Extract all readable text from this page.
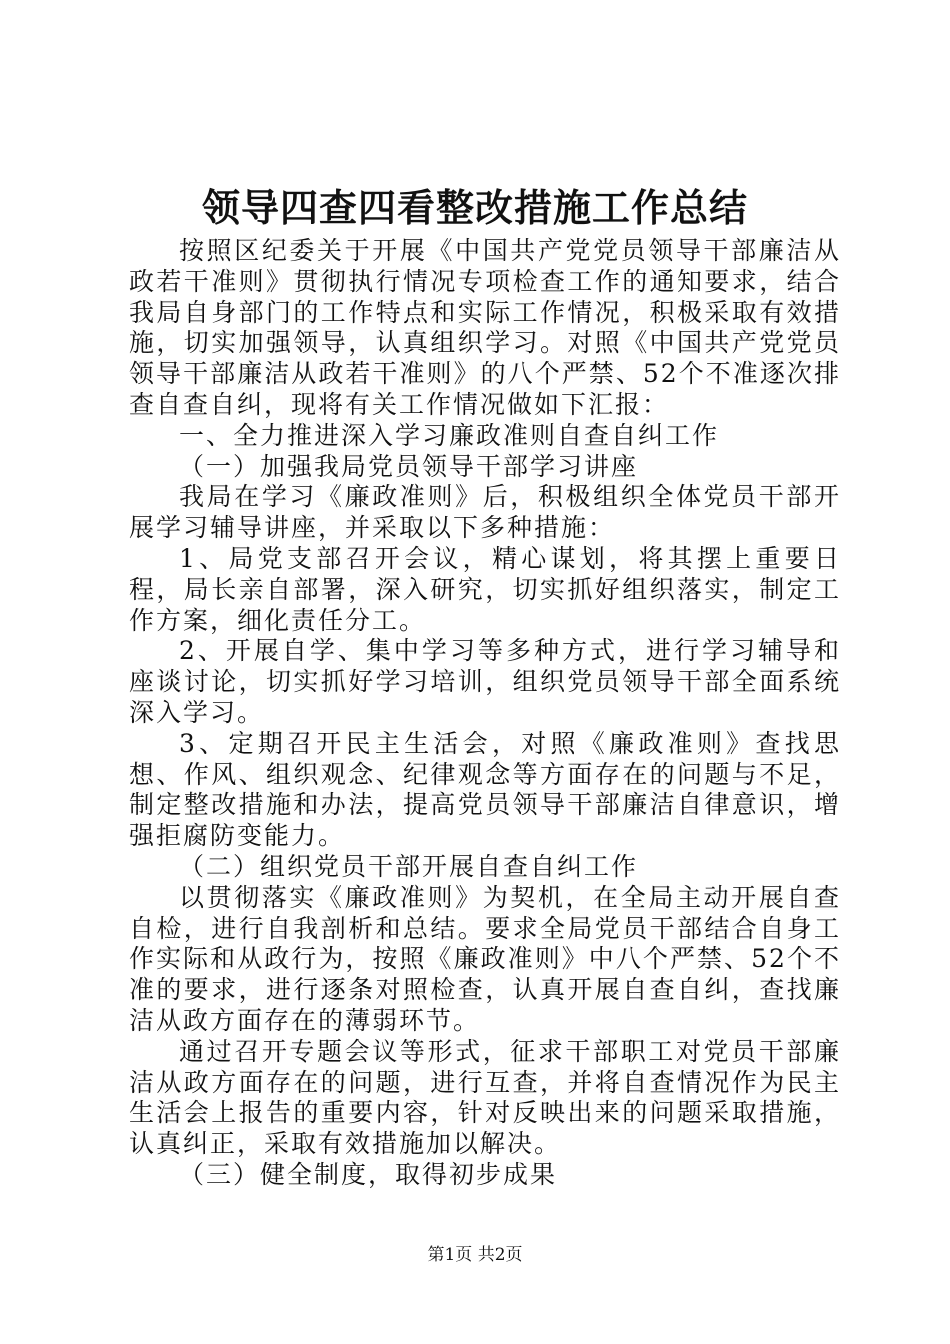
领导四查四看整改措施工作总结

按照区纪委关于开展《中国共产党党员领导干部廉洁从政若干准则》贯彻执行情况专项检查工作的通知要求，结合我局自身部门的工作特点和实际工作情况，积极采取有效措施，切实加强领导，认真组织学习。对照《中国共产党党员领导干部廉洁从政若干准则》的八个严禁、52个不准逐次排查自查自纠，现将有关工作情况做如下汇报：

一、全力推进深入学习廉政准则自查自纠工作

（一）加强我局党员领导干部学习讲座

我局在学习《廉政准则》后，积极组织全体党员干部开展学习辅导讲座，并采取以下多种措施：

1、局党支部召开会议，精心谋划，将其摆上重要日程，局长亲自部署，深入研究，切实抓好组织落实，制定工作方案，细化责任分工。

2、开展自学、集中学习等多种方式，进行学习辅导和座谈讨论，切实抓好学习培训，组织党员领导干部全面系统深入学习。

3、定期召开民主生活会，对照《廉政准则》查找思想、作风、组织观念、纪律观念等方面存在的问题与不足，制定整改措施和办法，提高党员领导干部廉洁自律意识，增强拒腐防变能力。

（二）组织党员干部开展自查自纠工作

以贯彻落实《廉政准则》为契机，在全局主动开展自查自检，进行自我剖析和总结。要求全局党员干部结合自身工作实际和从政行为，按照《廉政准则》中八个严禁、52个不准的要求，进行逐条对照检查，认真开展自查自纠，查找廉洁从政方面存在的薄弱环节。

通过召开专题会议等形式，征求干部职工对党员干部廉洁从政方面存在的问题，进行互查，并将自查情况作为民主生活会上报告的重要内容，针对反映出来的问题采取措施，认真纠正，采取有效措施加以解决。

（三）健全制度，取得初步成果

第1页 共2页
